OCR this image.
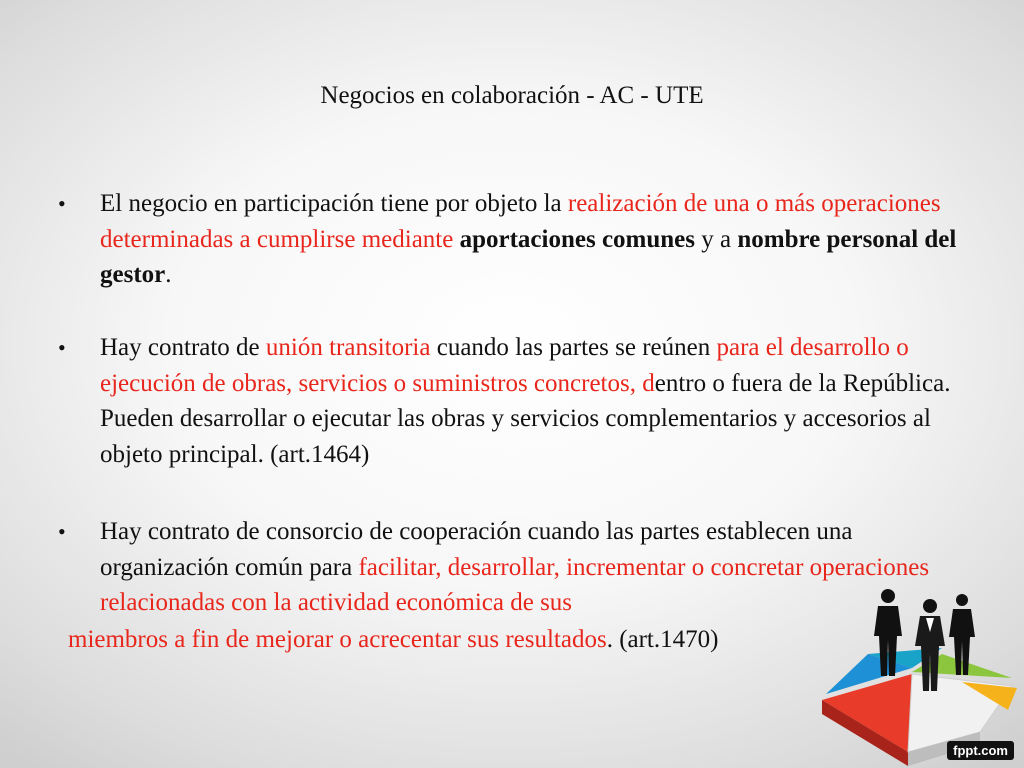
Negocios en colaboración - AC - UTE
• El negocio en participación tiene por objeto la realización de una o más operaciones determinadas a cumplirse mediante aportaciones comunes y a nombre personal del gestor.
• Hay contrato de unión transitoria cuando las partes se reúnen para el desarrollo o ejecución de obras, servicios o suministros concretos, dentro o fuera de la República. Pueden desarrollar o ejecutar las obras y servicios complementarios y accesorios al objeto principal. (art.1464)
• Hay contrato de consorcio de cooperación cuando las partes establecen una organización común para facilitar, desarrollar, incrementar o concretar operaciones relacionadas con la actividad económica de sus
miembros a fin de mejorar o acrecentar sus resultados. (art.1470)
fppt.com
